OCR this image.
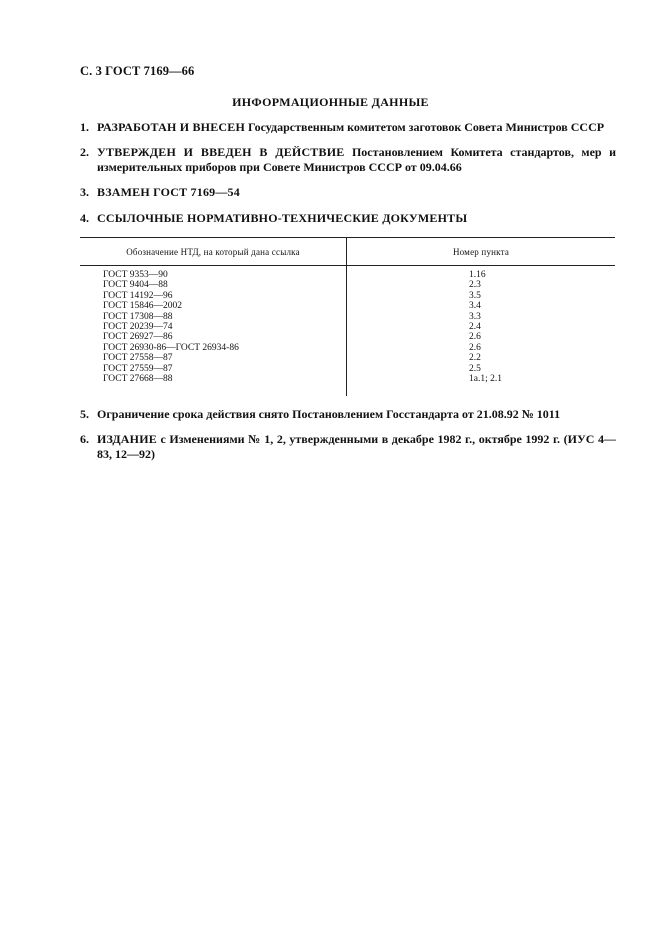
С. 3 ГОСТ 7169—66
ИНФОРМАЦИОННЫЕ ДАННЫЕ
1. РАЗРАБОТАН И ВНЕСЕН Государственным комитетом заготовок Совета Министров СССР
2. УТВЕРЖДЕН И ВВЕДЕН В ДЕЙСТВИЕ Постановлением Комитета стандартов, мер и измерительных приборов при Совете Министров СССР от 09.04.66
3. ВЗАМЕН ГОСТ 7169—54
4. ССЫЛОЧНЫЕ НОРМАТИВНО-ТЕХНИЧЕСКИЕ ДОКУМЕНТЫ
Обозначение НТД, на который дана ссылка	Номер пункта
ГОСТ 9353—90
ГОСТ 9404—88
ГОСТ 14192—96
ГОСТ 15846—2002
ГОСТ 17308—88
ГОСТ 20239—74
ГОСТ 26927—86
ГОСТ 26930-86—ГОСТ 26934-86
ГОСТ 27558—87
ГОСТ 27559—87
ГОСТ 27668—88
1.16
2.3
3.5
3.4
3.3
2.4
2.6
2.6
2.2
2.5
1а.1; 2.1
5. Ограничение срока действия снято Постановлением Госстандарта от 21.08.92 № 1011
6. ИЗДАНИЕ с Изменениями № 1, 2, утвержденными в декабре 1982 г., октябре 1992 г. (ИУС 4—83, 12—92)
